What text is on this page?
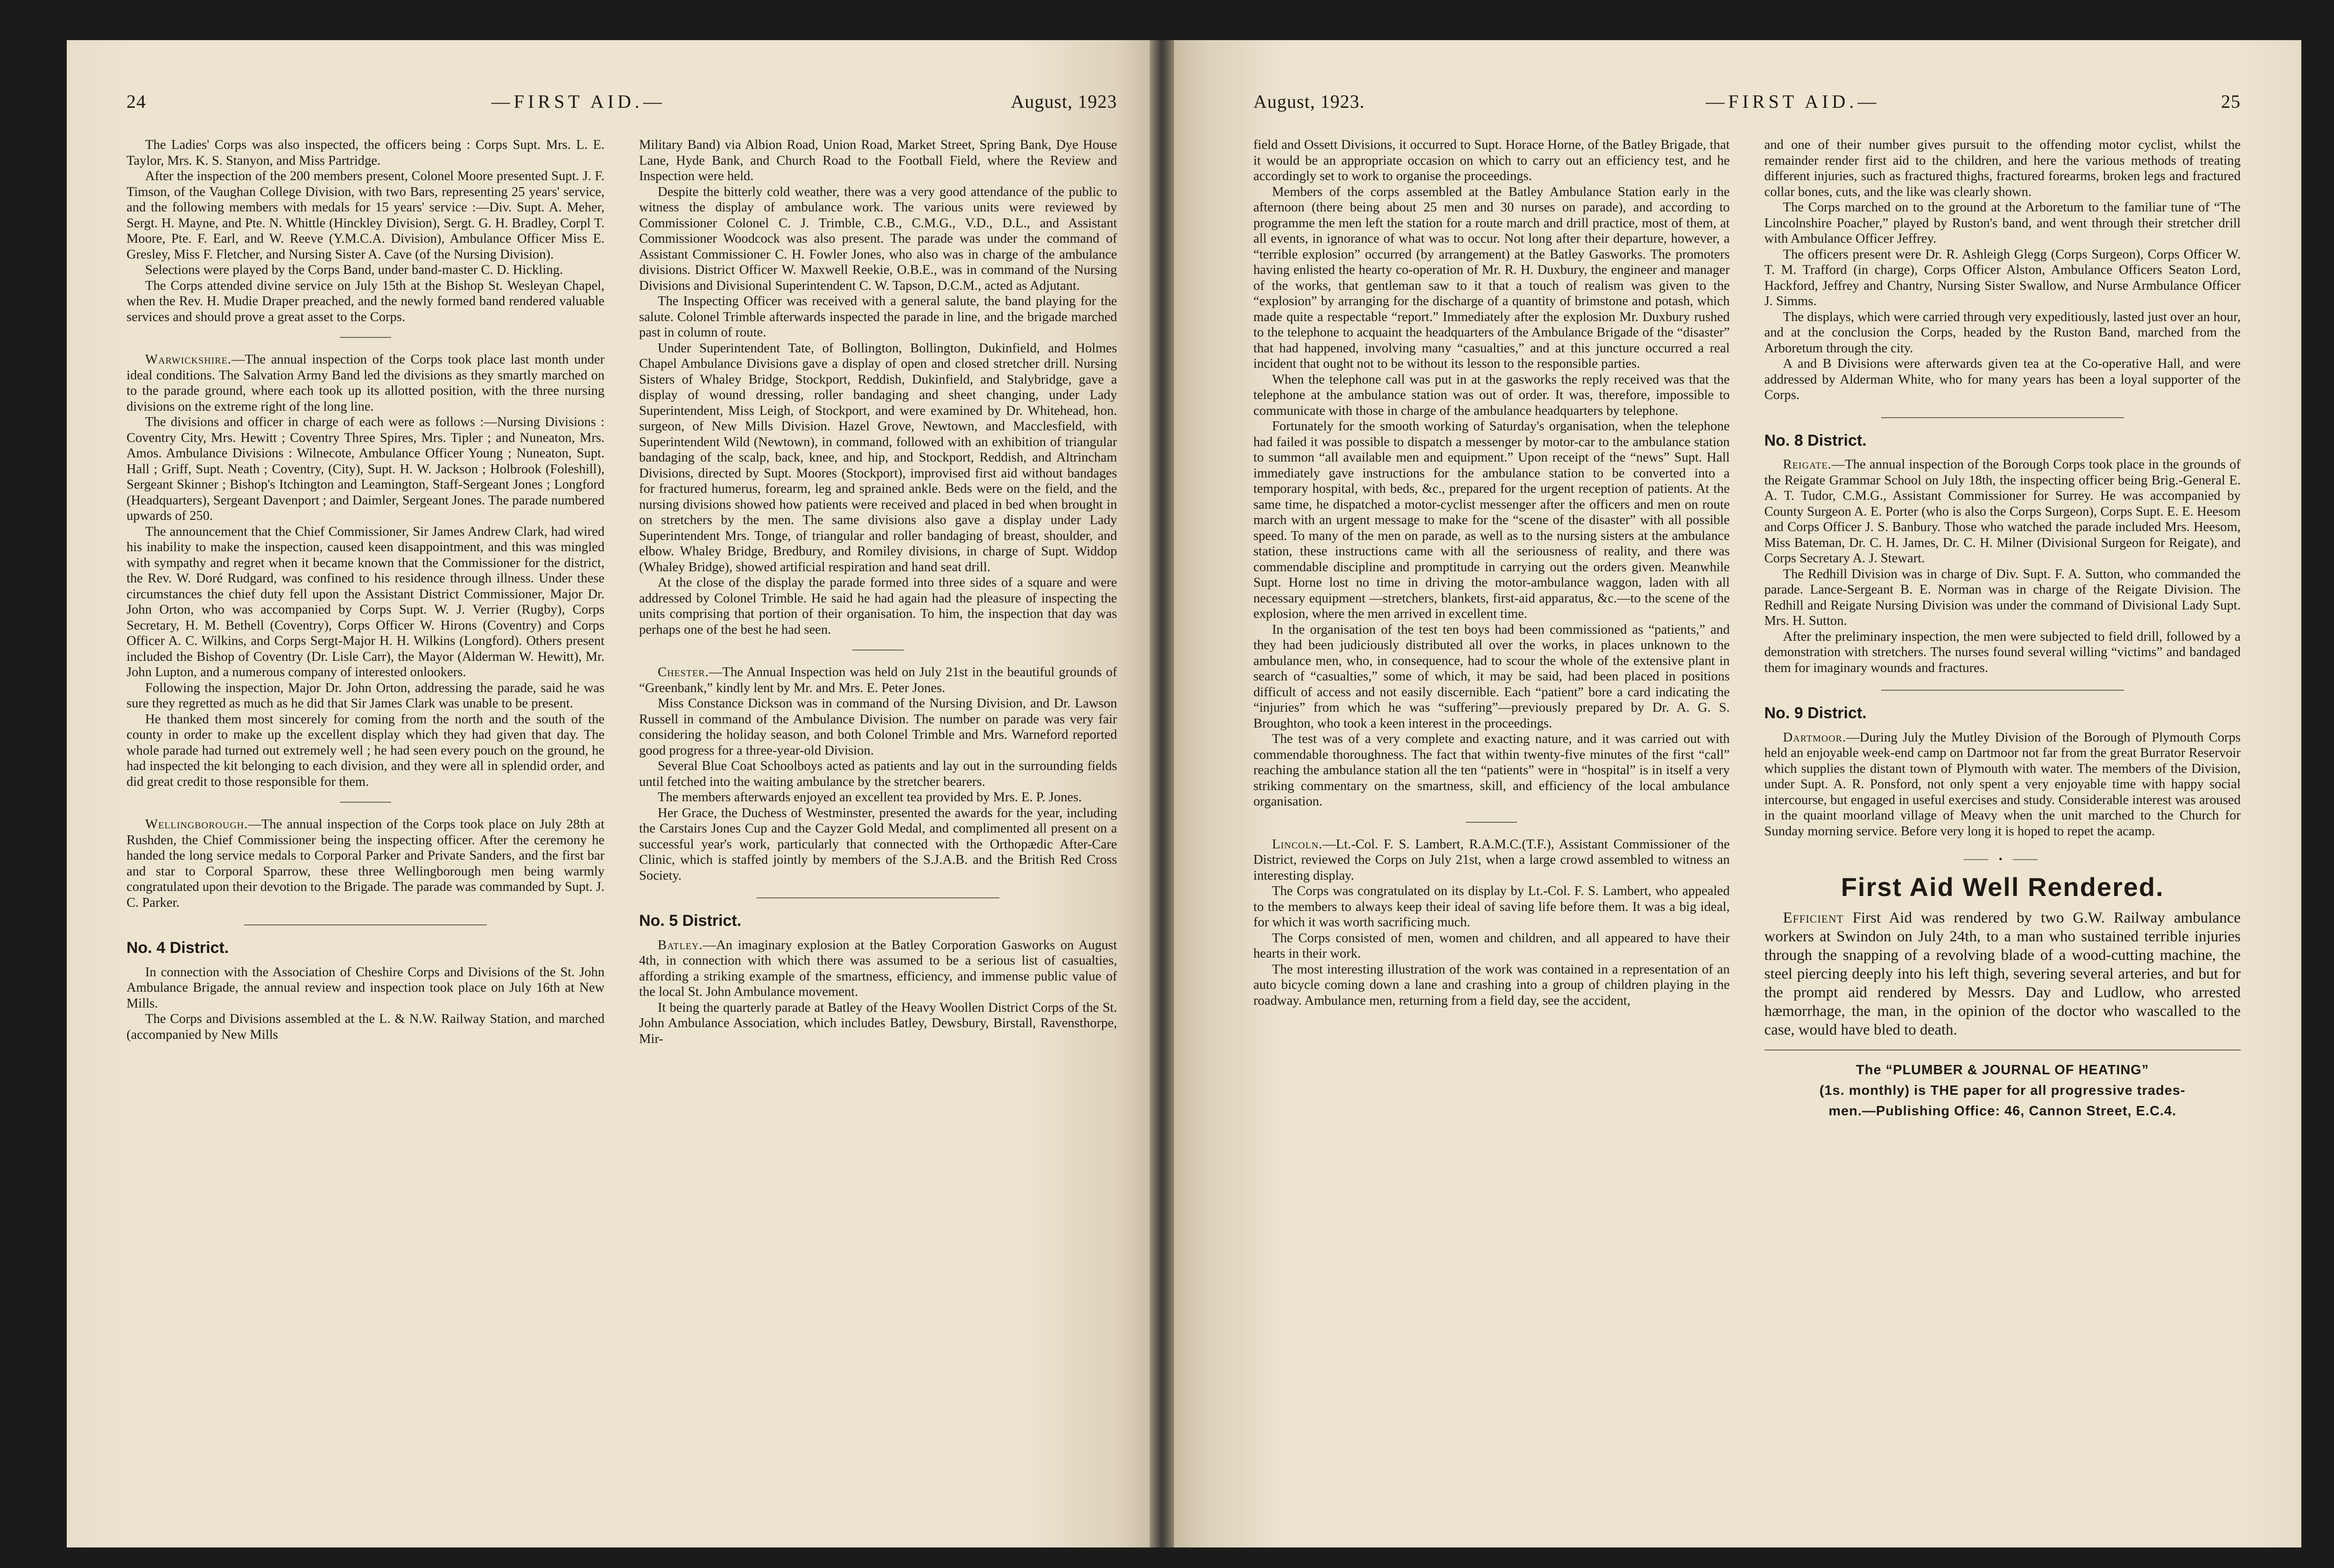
24	—FIRST AID.—	August, 1923

The Ladies' Corps was also inspected, the officers being : Corps Supt. Mrs. L. E. Taylor, Mrs. K. S. Stanyon, and Miss Partridge.

After the inspection of the 200 members present, Colonel Moore presented Supt. J. F. Timson, of the Vaughan College Division, with two Bars, representing 25 years' service, and the following members with medals for 15 years' service :—Div. Supt. A. Meher, Sergt. H. Mayne, and Pte. N. Whittle (Hinckley Division), Sergt. G. H. Bradley, Corpl T. Moore, Pte. F. Earl, and W. Reeve (Y.M.C.A. Division), Ambulance Officer Miss E. Gresley, Miss F. Fletcher, and Nursing Sister A. Cave (of the Nursing Division).

Selections were played by the Corps Band, under band-master C. D. Hickling.

The Corps attended divine service on July 15th at the Bishop St. Wesleyan Chapel, when the Rev. H. Mudie Draper preached, and the newly formed band rendered valuable services and should prove a great asset to the Corps.

Warwickshire.—The annual inspection of the Corps took place last month under ideal conditions. The Salvation Army Band led the divisions as they smartly marched on to the parade ground, where each took up its allotted position, with the three nursing divisions on the extreme right of the long line.

The divisions and officer in charge of each were as follows :—Nursing Divisions : Coventry City, Mrs. Hewitt ; Coventry Three Spires, Mrs. Tipler ; and Nuneaton, Mrs. Amos. Ambulance Divisions : Wilnecote, Ambulance Officer Young ; Nuneaton, Supt. Hall ; Griff, Supt. Neath ; Coventry, (City), Supt. H. W. Jackson ; Holbrook (Foleshill), Sergeant Skinner ; Bishop's Itchington and Leamington, Staff-Sergeant Jones ; Longford (Headquarters), Sergeant Davenport ; and Daimler, Sergeant Jones. The parade numbered upwards of 250.

The announcement that the Chief Commissioner, Sir James Andrew Clark, had wired his inability to make the inspection, caused keen disappointment, and this was mingled with sympathy and regret when it became known that the Commissioner for the district, the Rev. W. Doré Rudgard, was confined to his residence through illness. Under these circumstances the chief duty fell upon the Assistant District Commissioner, Major Dr. John Orton, who was accompanied by Corps Supt. W. J. Verrier (Rugby), Corps Secretary, H. M. Bethell (Coventry), Corps Officer W. Hirons (Coventry) and Corps Officer A. C. Wilkins, and Corps Sergt-Major H. H. Wilkins (Longford). Others present included the Bishop of Coventry (Dr. Lisle Carr), the Mayor (Alderman W. Hewitt), Mr. John Lupton, and a numerous company of interested onlookers.

Following the inspection, Major Dr. John Orton, addressing the parade, said he was sure they regretted as much as he did that Sir James Clark was unable to be present.

He thanked them most sincerely for coming from the north and the south of the county in order to make up the excellent display which they had given that day. The whole parade had turned out extremely well ; he had seen every pouch on the ground, he had inspected the kit belonging to each division, and they were all in splendid order, and did great credit to those responsible for them.

Wellingborough.—The annual inspection of the Corps took place on July 28th at Rushden, the Chief Commissioner being the inspecting officer. After the ceremony he handed the long service medals to Corporal Parker and Private Sanders, and the first bar and star to Corporal Sparrow, these three Wellingborough men being warmly congratulated upon their devotion to the Brigade. The parade was commanded by Supt. J. C. Parker.

No. 4 District.

In connection with the Association of Cheshire Corps and Divisions of the St. John Ambulance Brigade, the annual review and inspection took place on July 16th at New Mills.

The Corps and Divisions assembled at the L. & N.W. Railway Station, and marched (accompanied by New Mills

Military Band) via Albion Road, Union Road, Market Street, Spring Bank, Dye House Lane, Hyde Bank, and Church Road to the Football Field, where the Review and Inspection were held.

Despite the bitterly cold weather, there was a very good attendance of the public to witness the display of ambulance work. The various units were reviewed by Commissioner Colonel C. J. Trimble, C.B., C.M.G., V.D., D.L., and Assistant Commissioner Woodcock was also present. The parade was under the command of Assistant Commissioner C. H. Fowler Jones, who also was in charge of the ambulance divisions. District Officer W. Maxwell Reekie, O.B.E., was in command of the Nursing Divisions and Divisional Superintendent C. W. Tapson, D.C.M., acted as Adjutant.

The Inspecting Officer was received with a general salute, the band playing for the salute. Colonel Trimble afterwards inspected the parade in line, and the brigade marched past in column of route.

Under Superintendent Tate, of Bollington, Bollington, Dukinfield, and Holmes Chapel Ambulance Divisions gave a display of open and closed stretcher drill. Nursing Sisters of Whaley Bridge, Stockport, Reddish, Dukinfield, and Stalybridge, gave a display of wound dressing, roller bandaging and sheet changing, under Lady Superintendent, Miss Leigh, of Stockport, and were examined by Dr. Whitehead, hon. surgeon, of New Mills Division. Hazel Grove, Newtown, and Macclesfield, with Superintendent Wild (Newtown), in command, followed with an exhibition of triangular bandaging of the scalp, back, knee, and hip, and Stockport, Reddish, and Altrincham Divisions, directed by Supt. Moores (Stockport), improvised first aid without bandages for fractured humerus, forearm, leg and sprained ankle. Beds were on the field, and the nursing divisions showed how patients were received and placed in bed when brought in on stretchers by the men. The same divisions also gave a display under Lady Superintendent Mrs. Tonge, of triangular and roller bandaging of breast, shoulder, and elbow. Whaley Bridge, Bredbury, and Romiley divisions, in charge of Supt. Widdop (Whaley Bridge), showed artificial respiration and hand seat drill.

At the close of the display the parade formed into three sides of a square and were addressed by Colonel Trimble. He said he had again had the pleasure of inspecting the units comprising that portion of their organisation. To him, the inspection that day was perhaps one of the best he had seen.

Chester.—The Annual Inspection was held on July 21st in the beautiful grounds of “Greenbank,” kindly lent by Mr. and Mrs. E. Peter Jones.

Miss Constance Dickson was in command of the Nursing Division, and Dr. Lawson Russell in command of the Ambulance Division. The number on parade was very fair considering the holiday season, and both Colonel Trimble and Mrs. Warneford reported good progress for a three-year-old Division.

Several Blue Coat Schoolboys acted as patients and lay out in the surrounding fields until fetched into the waiting ambulance by the stretcher bearers.

The members afterwards enjoyed an excellent tea provided by Mrs. E. P. Jones.

Her Grace, the Duchess of Westminster, presented the awards for the year, including the Carstairs Jones Cup and the Cayzer Gold Medal, and complimented all present on a successful year's work, particularly that connected with the Orthopædic After-Care Clinic, which is staffed jointly by members of the S.J.A.B. and the British Red Cross Society.

No. 5 District.

Batley.—An imaginary explosion at the Batley Corporation Gasworks on August 4th, in connection with which there was assumed to be a serious list of casualties, affording a striking example of the smartness, efficiency, and immense public value of the local St. John Ambulance movement.

It being the quarterly parade at Batley of the Heavy Woollen District Corps of the St. John Ambulance Association, which includes Batley, Dewsbury, Birstall, Ravensthorpe, Mir-

August, 1923.	—FIRST AID.—	25

field and Ossett Divisions, it occurred to Supt. Horace Horne, of the Batley Brigade, that it would be an appropriate occasion on which to carry out an efficiency test, and he accordingly set to work to organise the proceedings.

Members of the corps assembled at the Batley Ambulance Station early in the afternoon (there being about 25 men and 30 nurses on parade), and according to programme the men left the station for a route march and drill practice, most of them, at all events, in ignorance of what was to occur. Not long after their departure, however, a “terrible explosion” occurred (by arrangement) at the Batley Gasworks. The promoters having enlisted the hearty co-operation of Mr. R. H. Duxbury, the engineer and manager of the works, that gentleman saw to it that a touch of realism was given to the “explosion” by arranging for the discharge of a quantity of brimstone and potash, which made quite a respectable “report.” Immediately after the explosion Mr. Duxbury rushed to the telephone to acquaint the headquarters of the Ambulance Brigade of the “disaster” that had happened, involving many “casualties,” and at this juncture occurred a real incident that ought not to be without its lesson to the responsible parties.

When the telephone call was put in at the gasworks the reply received was that the telephone at the ambulance station was out of order. It was, therefore, impossible to communicate with those in charge of the ambulance headquarters by telephone.

Fortunately for the smooth working of Saturday's organisation, when the telephone had failed it was possible to dispatch a messenger by motor-car to the ambulance station to summon “all available men and equipment.” Upon receipt of the “news” Supt. Hall immediately gave instructions for the ambulance station to be converted into a temporary hospital, with beds, &c., prepared for the urgent reception of patients. At the same time, he dispatched a motor-cyclist messenger after the officers and men on route march with an urgent message to make for the “scene of the disaster” with all possible speed. To many of the men on parade, as well as to the nursing sisters at the ambulance station, these instructions came with all the seriousness of reality, and there was commendable discipline and promptitude in carrying out the orders given. Meanwhile Supt. Horne lost no time in driving the motor-ambulance waggon, laden with all necessary equipment —stretchers, blankets, first-aid apparatus, &c.—to the scene of the explosion, where the men arrived in excellent time.

In the organisation of the test ten boys had been commissioned as “patients,” and they had been judiciously distributed all over the works, in places unknown to the ambulance men, who, in consequence, had to scour the whole of the extensive plant in search of “casualties,” some of which, it may be said, had been placed in positions difficult of access and not easily discernible. Each “patient” bore a card indicating the “injuries” from which he was “suffering”—previously prepared by Dr. A. G. S. Broughton, who took a keen interest in the proceedings.

The test was of a very complete and exacting nature, and it was carried out with commendable thoroughness. The fact that within twenty-five minutes of the first “call” reaching the ambulance station all the ten “patients” were in “hospital” is in itself a very striking commentary on the smartness, skill, and efficiency of the local ambulance organisation.

Lincoln.—Lt.-Col. F. S. Lambert, R.A.M.C.(T.F.), Assistant Commissioner of the District, reviewed the Corps on July 21st, when a large crowd assembled to witness an interesting display.

The Corps was congratulated on its display by Lt.-Col. F. S. Lambert, who appealed to the members to always keep their ideal of saving life before them. It was a big ideal, for which it was worth sacrificing much.

The Corps consisted of men, women and children, and all appeared to have their hearts in their work.

The most interesting illustration of the work was contained in a representation of an auto bicycle coming down a lane and crashing into a group of children playing in the roadway. Ambulance men, returning from a field day, see the accident,

and one of their number gives pursuit to the offending motor cyclist, whilst the remainder render first aid to the children, and here the various methods of treating different injuries, such as fractured thighs, fractured forearms, broken legs and fractured collar bones, cuts, and the like was clearly shown.

The Corps marched on to the ground at the Arboretum to the familiar tune of “The Lincolnshire Poacher,” played by Ruston's band, and went through their stretcher drill with Ambulance Officer Jeffrey.

The officers present were Dr. R. Ashleigh Glegg (Corps Surgeon), Corps Officer W. T. M. Trafford (in charge), Corps Officer Alston, Ambulance Officers Seaton Lord, Hackford, Jeffrey and Chantry, Nursing Sister Swallow, and Nurse Armbulance Officer J. Simms.

The displays, which were carried through very expeditiously, lasted just over an hour, and at the conclusion the Corps, headed by the Ruston Band, marched from the Arboretum through the city.

A and B Divisions were afterwards given tea at the Co-operative Hall, and were addressed by Alderman White, who for many years has been a loyal supporter of the Corps.

No. 8 District.

Reigate.—The annual inspection of the Borough Corps took place in the grounds of the Reigate Grammar School on July 18th, the inspecting officer being Brig.-General E. A. T. Tudor, C.M.G., Assistant Commissioner for Surrey. He was accompanied by County Surgeon A. E. Porter (who is also the Corps Surgeon), Corps Supt. E. E. Heesom and Corps Officer J. S. Banbury. Those who watched the parade included Mrs. Heesom, Miss Bateman, Dr. C. H. James, Dr. C. H. Milner (Divisional Surgeon for Reigate), and Corps Secretary A. J. Stewart.

The Redhill Division was in charge of Div. Supt. F. A. Sutton, who commanded the parade. Lance-Sergeant B. E. Norman was in charge of the Reigate Division. The Redhill and Reigate Nursing Division was under the command of Divisional Lady Supt. Mrs. H. Sutton.

After the preliminary inspection, the men were subjected to field drill, followed by a demonstration with stretchers. The nurses found several willing “victims” and bandaged them for imaginary wounds and fractures.

No. 9 District.

Dartmoor.—During July the Mutley Division of the Borough of Plymouth Corps held an enjoyable week-end camp on Dartmoor not far from the great Burrator Reservoir which supplies the distant town of Plymouth with water. The members of the Division, under Supt. A. R. Ponsford, not only spent a very enjoyable time with happy social intercourse, but engaged in useful exercises and study. Considerable interest was aroused in the quaint moorland village of Meavy when the unit marched to the Church for Sunday morning service. Before very long it is hoped to repet the acamp.

⸻ • ⸻
First Aid Well Rendered.

Efficient First Aid was rendered by two G.W. Railway ambulance workers at Swindon on July 24th, to a man who sustained terrible injuries through the snapping of a revolving blade of a wood-cutting machine, the steel piercing deeply into his left thigh, severing several arteries, and but for the prompt aid rendered by Messrs. Day and Ludlow, who arrested hæmorrhage, the man, in the opinion of the doctor who wascalled to the case, would have bled to death.

The “PLUMBER & JOURNAL OF HEATING”
(1s. monthly) is THE paper for all progressive trades-
men.—Publishing Office: 46, Cannon Street, E.C.4.
